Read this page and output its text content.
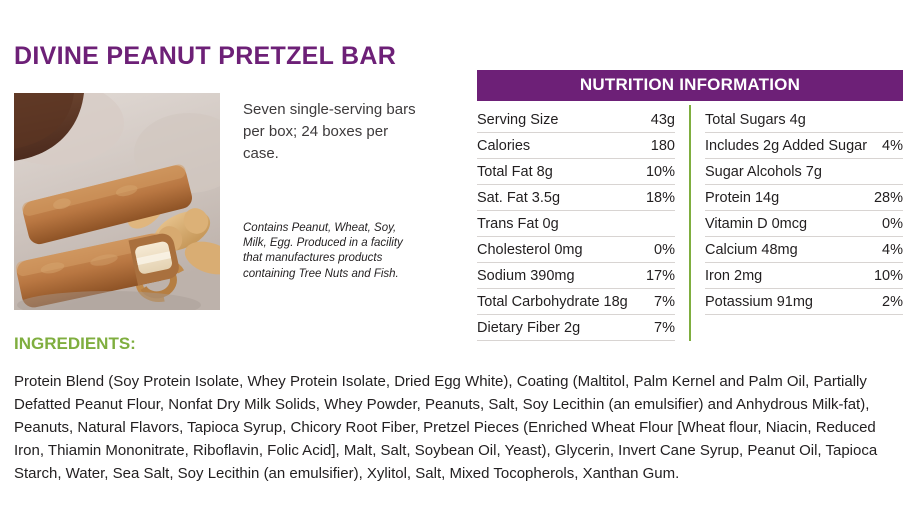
DIVINE PEANUT PRETZEL BAR
Seven single-serving bars per box; 24 boxes per case.
Contains Peanut, Wheat, Soy, Milk, Egg. Produced in a facility that manufactures products containing Tree Nuts and Fish.
NUTRITION INFORMATION
Serving Size	43g
Calories	180
Total Fat 8g	10%
Sat. Fat 3.5g	18%
Trans Fat 0g
Cholesterol 0mg	0%
Sodium 390mg	17%
Total Carbohydrate 18g	7%
Dietary Fiber 2g	7%
Total Sugars 4g
Includes 2g Added Sugar	4%
Sugar Alcohols 7g
Protein 14g	28%
Vitamin D 0mcg	0%
Calcium 48mg	4%
Iron 2mg	10%
Potassium 91mg	2%
INGREDIENTS:
Protein Blend (Soy Protein Isolate, Whey Protein Isolate, Dried Egg White), Coating (Maltitol, Palm Kernel and Palm Oil, Partially Defatted Peanut Flour, Nonfat Dry Milk Solids, Whey Powder, Peanuts, Salt, Soy Lecithin (an emulsifier) and Anhydrous Milk-fat), Peanuts, Natural Flavors, Tapioca Syrup, Chicory Root Fiber, Pretzel Pieces (Enriched Wheat Flour [Wheat flour, Niacin, Reduced Iron, Thiamin Mononitrate, Riboflavin, Folic Acid], Malt, Salt, Soybean Oil, Yeast), Glycerin, Invert Cane Syrup, Peanut Oil, Tapioca Starch, Water, Sea Salt, Soy Lecithin (an emulsifier), Xylitol, Salt, Mixed Tocopherols, Xanthan Gum.
